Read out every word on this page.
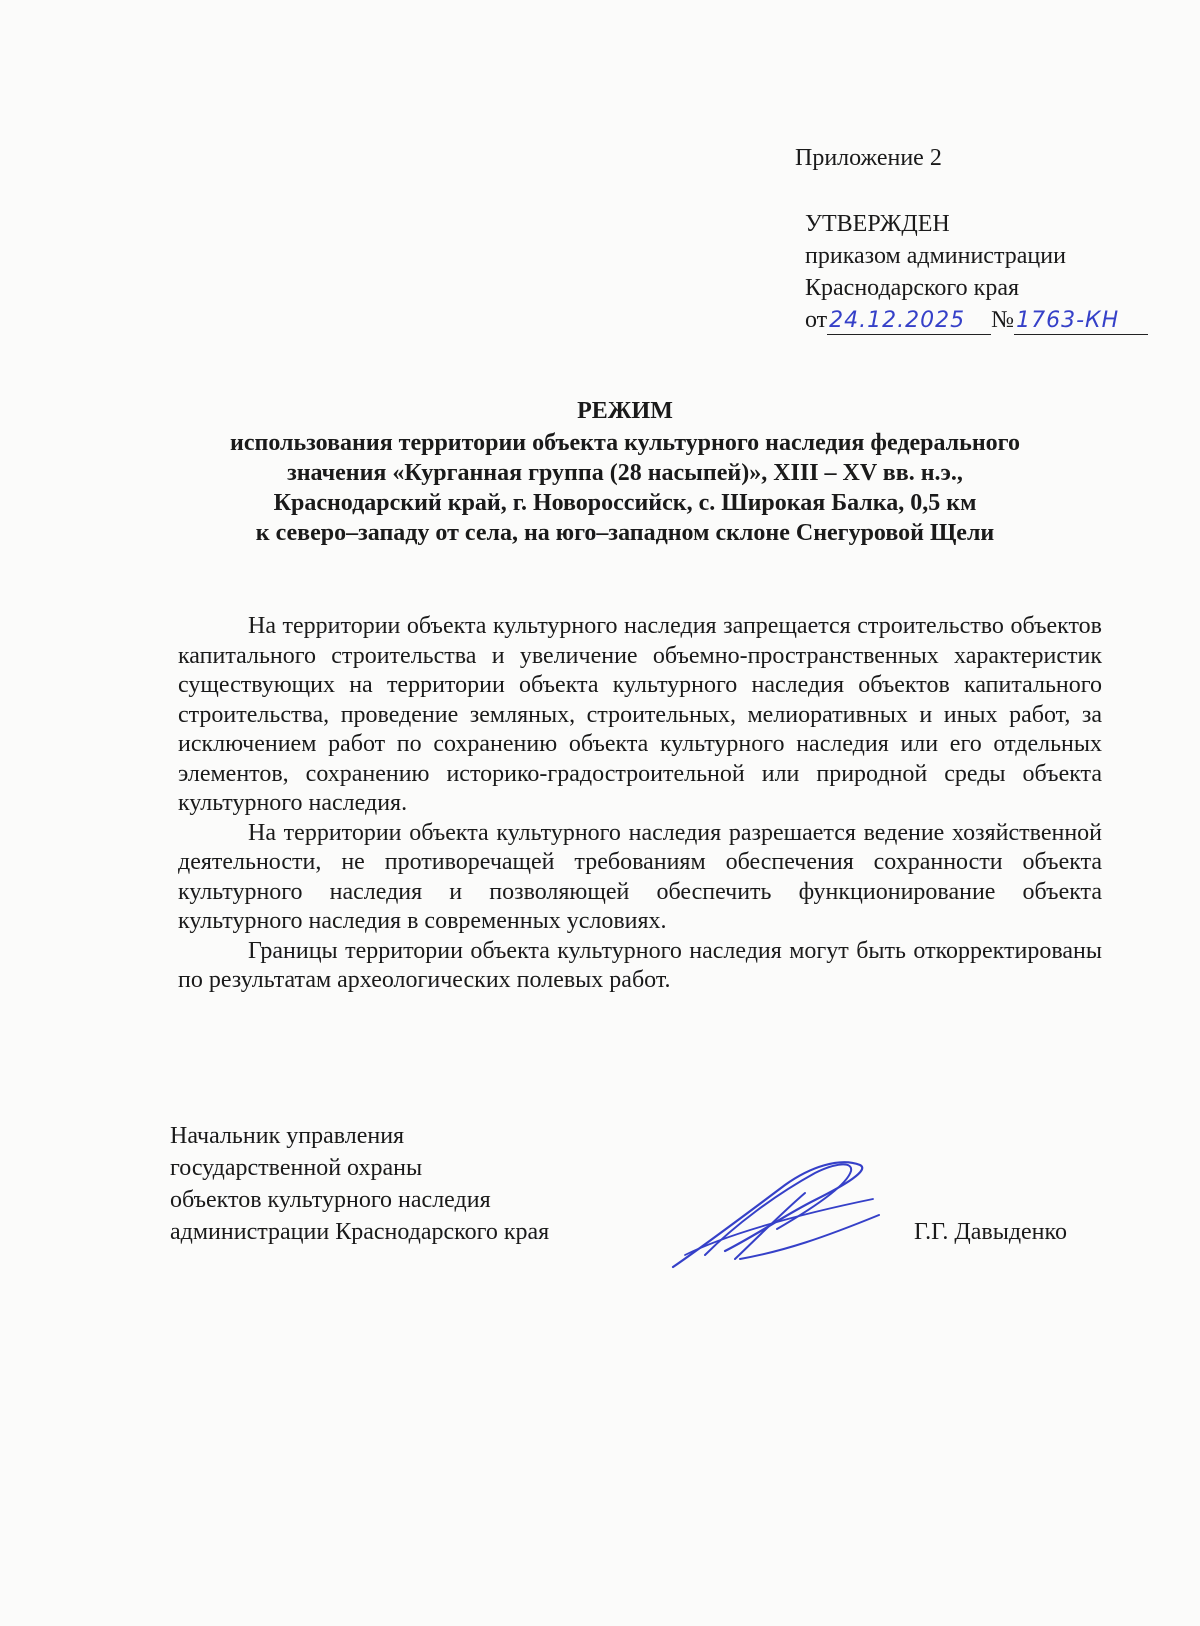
Приложение 2
УТВЕРЖДЕН
приказом администрации
Краснодарского края
от24.12.2025 №1763-КН
РЕЖИМ
использования территории объекта культурного наследия федерального
значения «Курганная группа (28 насыпей)», XIII – XV вв. н.э.,
Краснодарский край, г. Новороссийск, с. Широкая Балка, 0,5 км
к северо–западу от села, на юго–западном склоне Снегуровой Щели

На территории объекта культурного наследия запрещается строительство объектов капитального строительства и увеличение объемно-пространственных характеристик существующих на территории объекта культурного наследия объектов капитального строительства, проведение земляных, строительных, мелиоративных и иных работ, за исключением работ по сохранению объекта культурного наследия или его отдельных элементов, сохранению историко-градостроительной или природной среды объекта культурного наследия.

На территории объекта культурного наследия разрешается ведение хозяйственной деятельности, не противоречащей требованиям обеспечения сохранности объекта культурного наследия и позволяющей обеспечить функционирование объекта культурного наследия в современных условиях.

Границы территории объекта культурного наследия могут быть откорректированы по результатам археологических полевых работ.

Начальник управления
государственной охраны
объектов культурного наследия
администрации Краснодарского края	Г.Г. Давыденко
